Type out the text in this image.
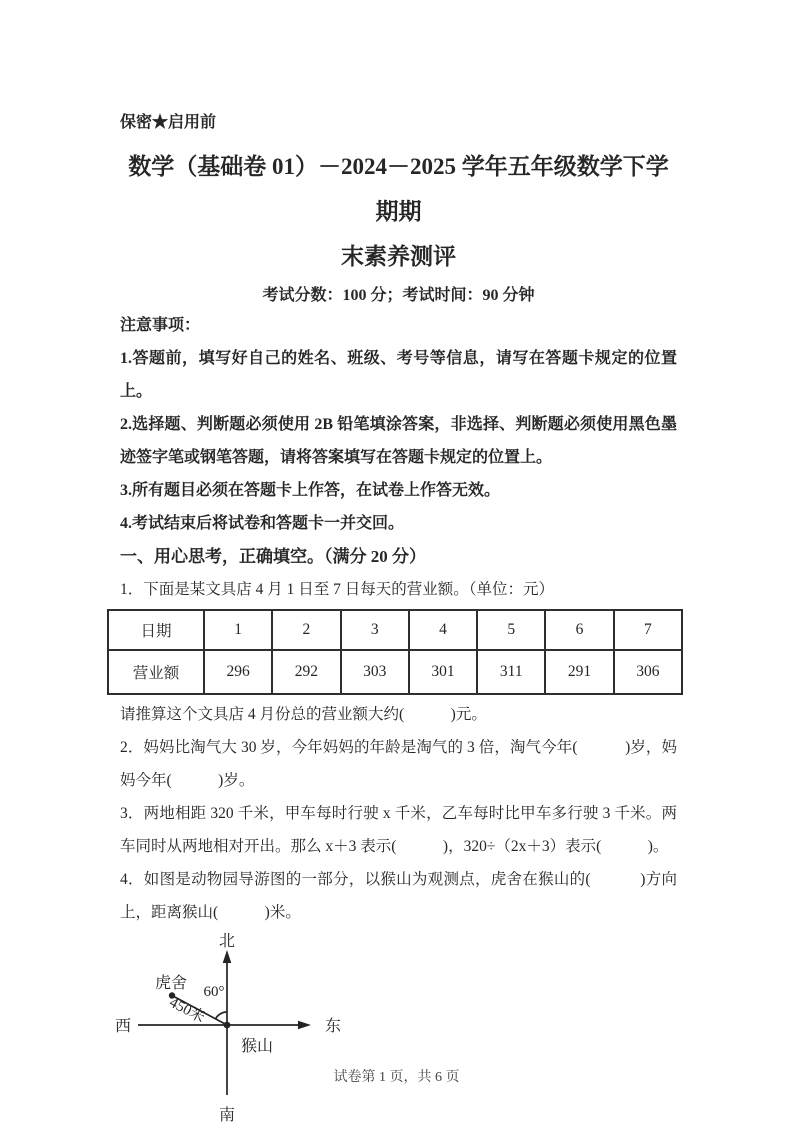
保密★启用前
数学（基础卷 01）－2024－2025 学年五年级数学下学期期
末素养测评
考试分数：100 分；考试时间：90 分钟

注意事项：

1.答题前，填写好自己的姓名、班级、考号等信息，请写在答题卡规定的位置上。

2.选择题、判断题必须使用 2B 铅笔填涂答案，非选择、判断题必须使用黑色墨迹签字笔或钢笔答题，请将答案填写在答题卡规定的位置上。

3.所有题目必须在答题卡上作答，在试卷上作答无效。

4.考试结束后将试卷和答题卡一并交回。

一、用心思考，正确填空。（满分 20 分）

1．下面是某文具店 4 月 1 日至 7 日每天的营业额。（单位：元）

日期	1	2	3	4	5	6	7
营业额	296	292	303	301	311	291	306

请推算这个文具店 4 月份总的营业额大约(            )元。

2．妈妈比淘气大 30 岁，今年妈妈的年龄是淘气的 3 倍，淘气今年(            )岁，妈妈今年(            )岁。

3．两地相距 320 千米，甲车每时行驶 x 千米，乙车每时比甲车多行驶 3 千米。两车同时从两地相对开出。那么 x＋3 表示(            )，320÷（2x＋3）表示(            )。

4．如图是动物园导游图的一部分，以猴山为观测点，虎舍在猴山的(            )方向上，距离猴山(            )米。

北
南
西	东
猴山
虎舍 60°
450米
试卷第 1 页，共 6 页
